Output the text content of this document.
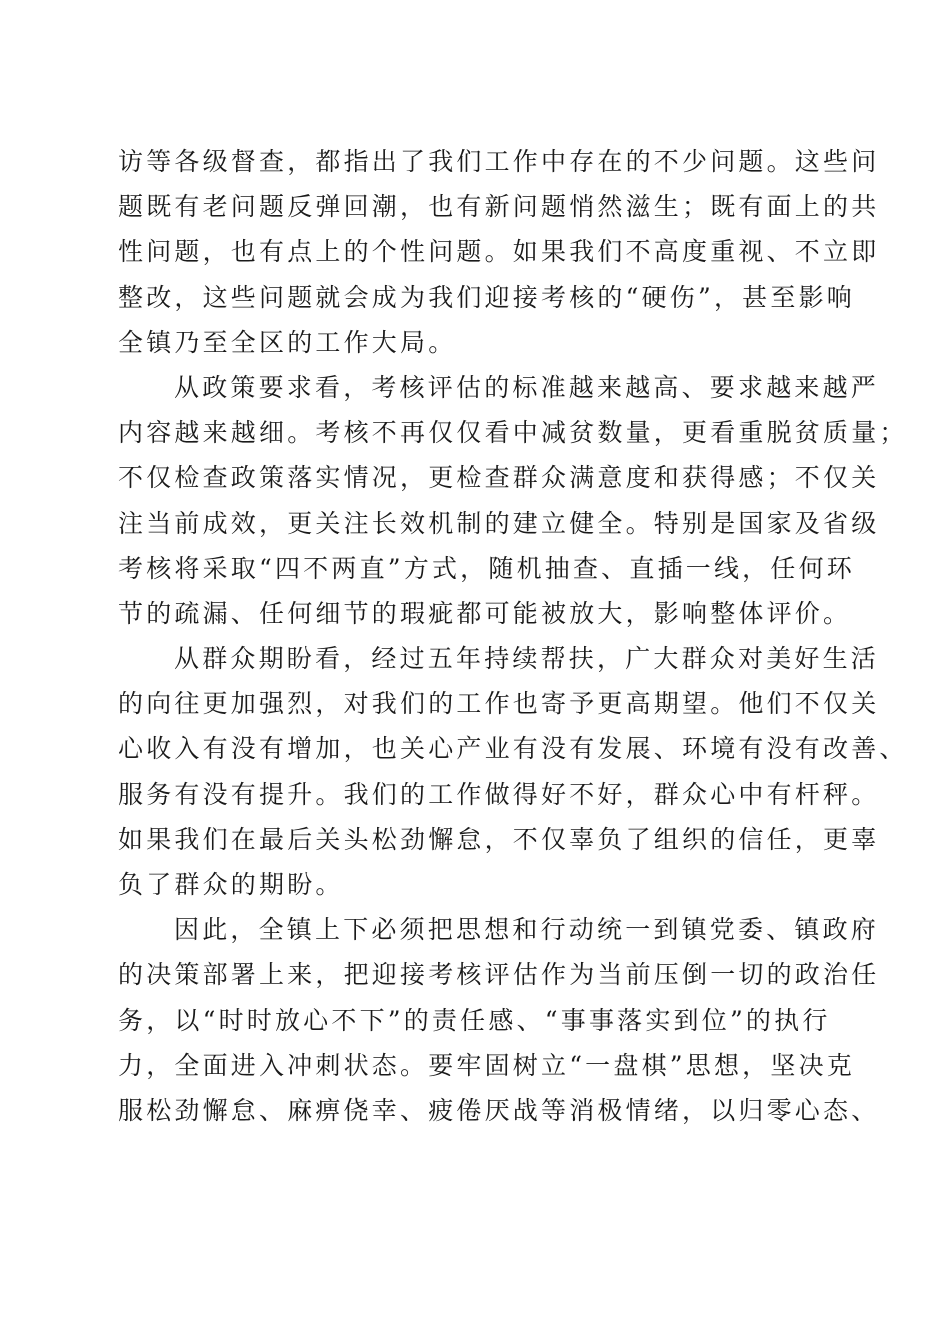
访等各级督查，都指出了我们工作中存在的不少问题。这些问
题既有老问题反弹回潮，也有新问题悄然滋生；既有面上的共
性问题，也有点上的个性问题。如果我们不高度重视、不立即
整改，这些问题就会成为我们迎接考核的“硬伤”，甚至影响
全镇乃至全区的工作大局。
从政策要求看，考核评估的标准越来越高、要求越来越严
内容越来越细。考核不再仅仅看中减贫数量，更看重脱贫质量；
不仅检查政策落实情况，更检查群众满意度和获得感；不仅关
注当前成效，更关注长效机制的建立健全。特别是国家及省级
考核将采取“四不两直”方式，随机抽查、直插一线，任何环
节的疏漏、任何细节的瑕疵都可能被放大，影响整体评价。
从群众期盼看，经过五年持续帮扶，广大群众对美好生活
的向往更加强烈，对我们的工作也寄予更高期望。他们不仅关
心收入有没有增加，也关心产业有没有发展、环境有没有改善、
服务有没有提升。我们的工作做得好不好，群众心中有杆秤。
如果我们在最后关头松劲懈怠，不仅辜负了组织的信任，更辜
负了群众的期盼。
因此，全镇上下必须把思想和行动统一到镇党委、镇政府
的决策部署上来，把迎接考核评估作为当前压倒一切的政治任
务，以“时时放心不下”的责任感、“事事落实到位”的执行
力，全面进入冲刺状态。要牢固树立“一盘棋”思想，坚决克
服松劲懈怠、麻痹侥幸、疲倦厌战等消极情绪，以归零心态、
